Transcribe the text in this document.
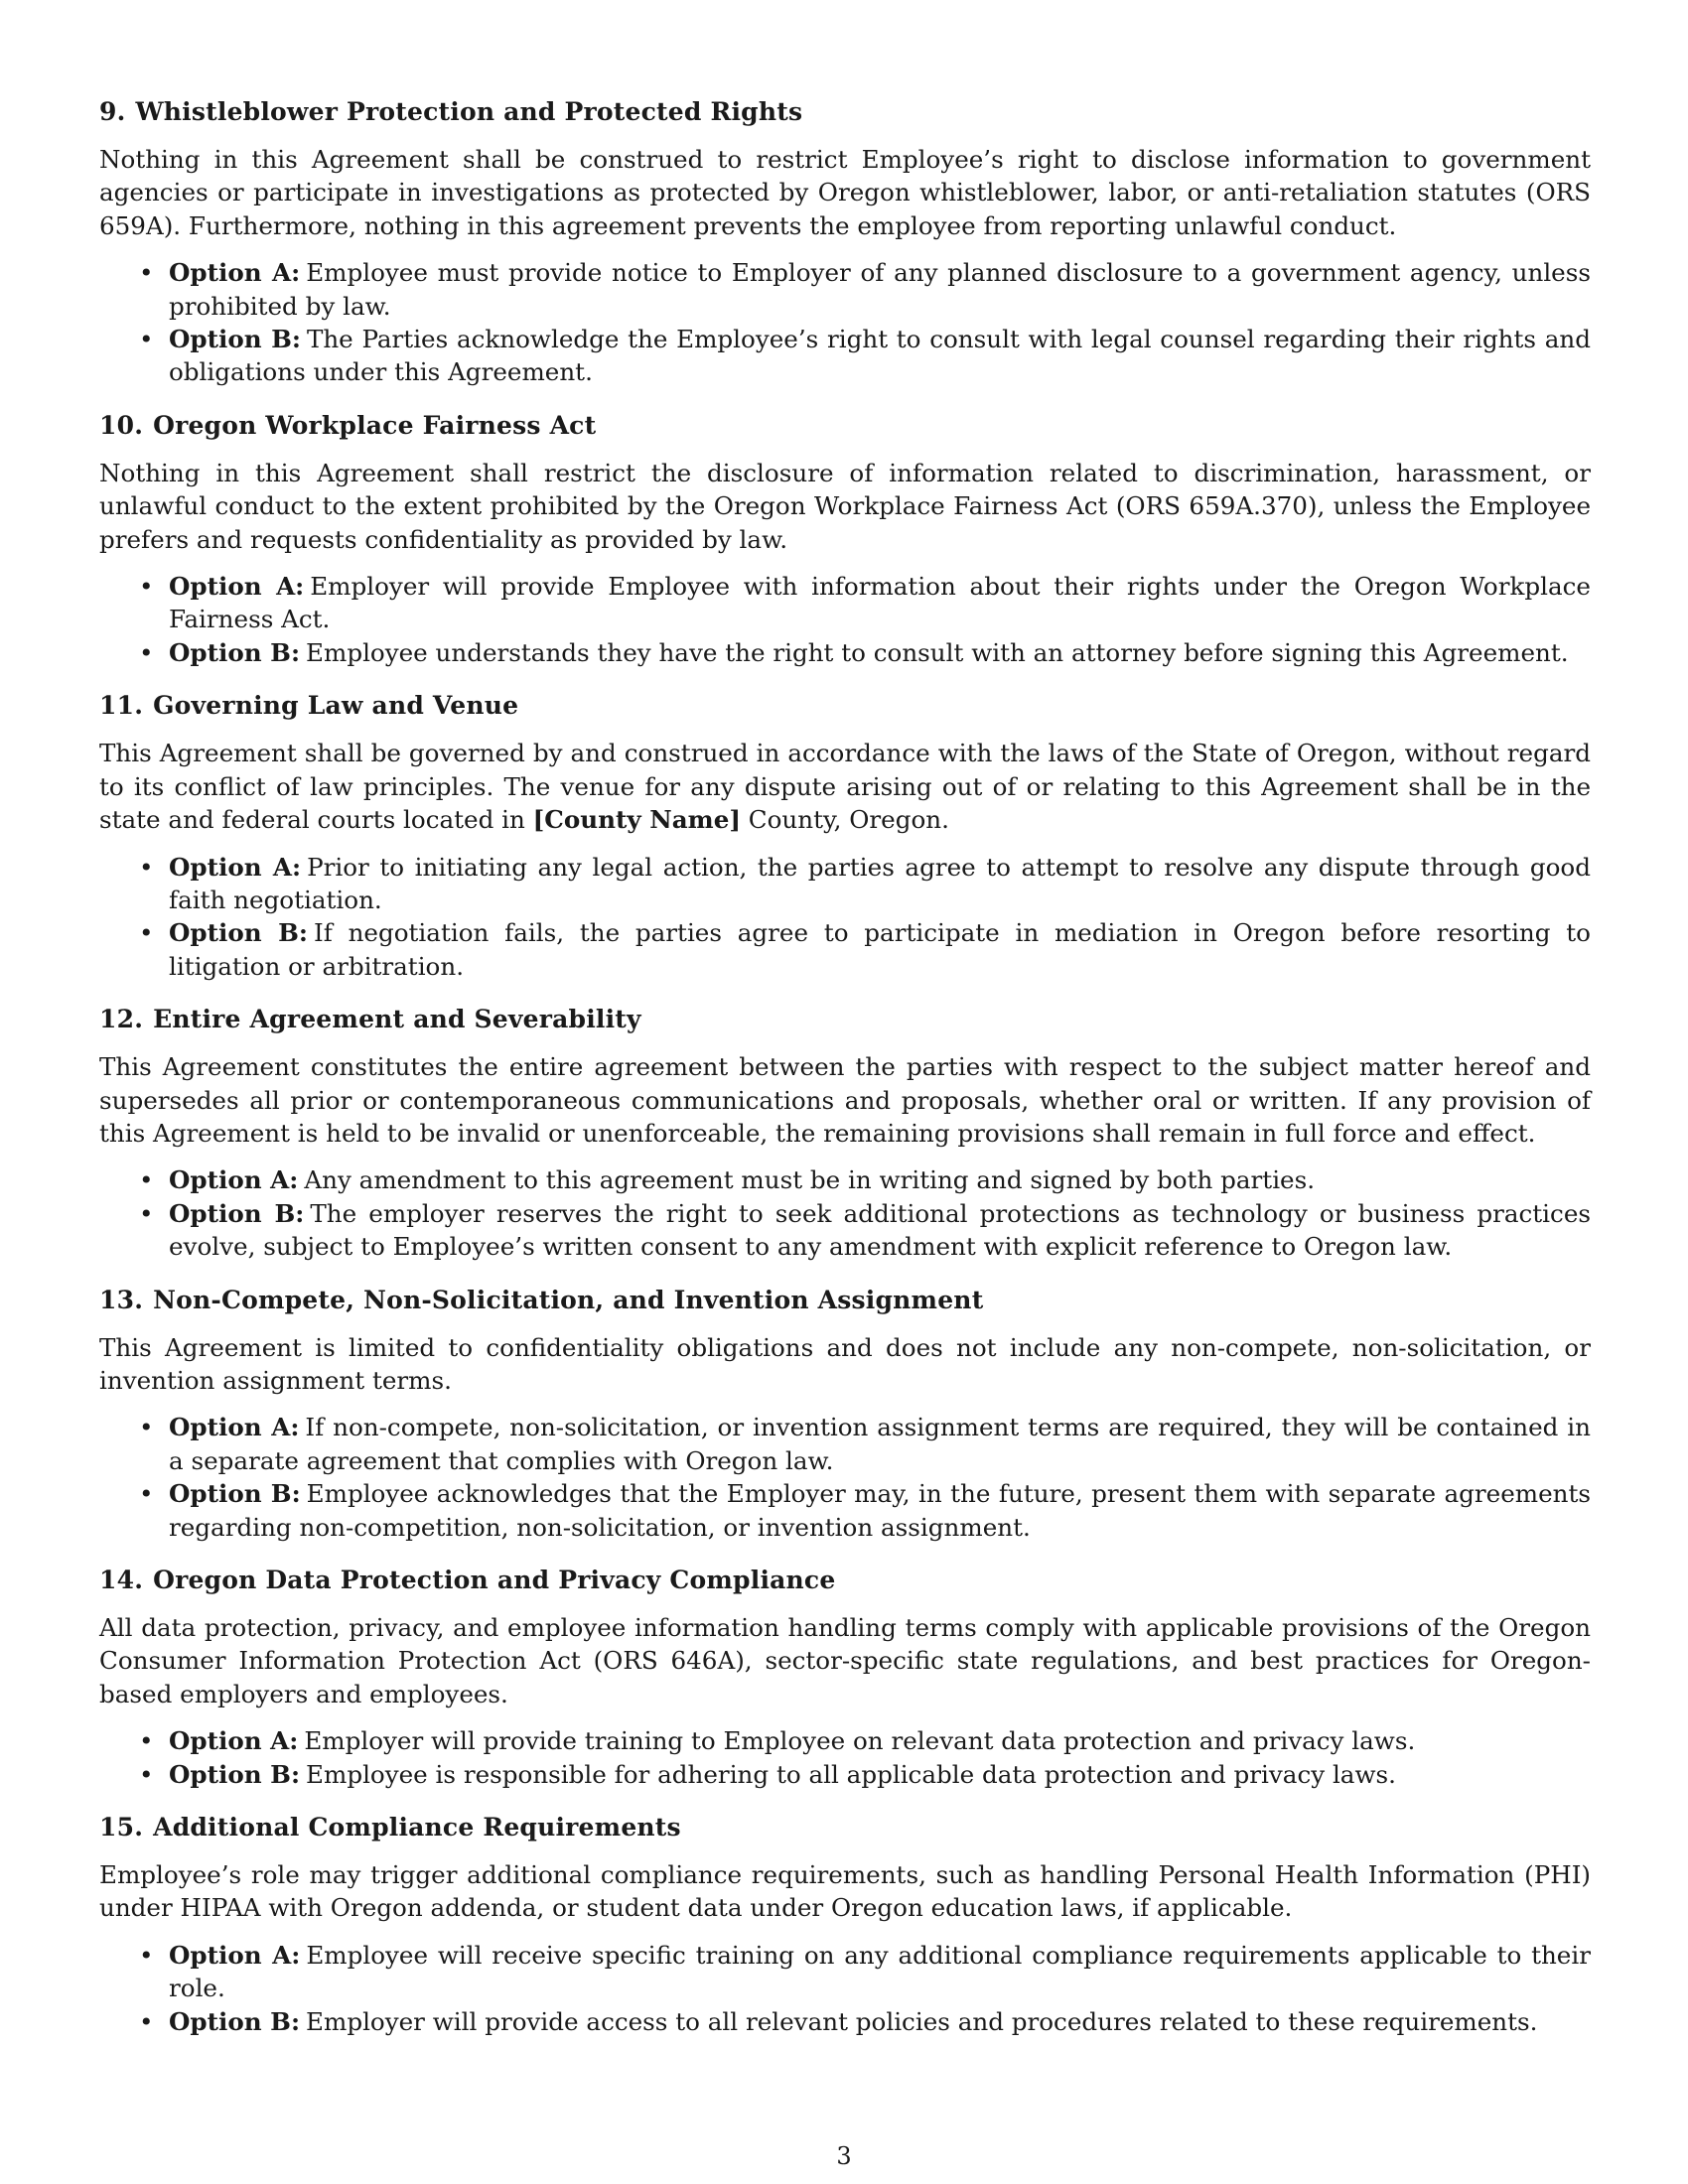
9. Whistleblower Protection and Protected Rights
Nothing in this Agreement shall be construed to restrict Employee’s right to disclose information to government agencies or participate in investigations as protected by Oregon whistleblower, labor, or anti-retaliation statutes (ORS 659A). Furthermore, nothing in this agreement prevents the employee from reporting unlawful conduct.
• Option A: Employee must provide notice to Employer of any planned disclosure to a government agency, unless prohibited by law.
• Option B: The Parties acknowledge the Employee’s right to consult with legal counsel regarding their rights and obligations under this Agreement.
10. Oregon Workplace Fairness Act
Nothing in this Agreement shall restrict the disclosure of information related to discrimination, harassment, or unlawful conduct to the extent prohibited by the Oregon Workplace Fairness Act (ORS 659A.370), unless the Employee prefers and requests confidentiality as provided by law.
• Option A: Employer will provide Employee with information about their rights under the Oregon Workplace Fairness Act.
• Option B: Employee understands they have the right to consult with an attorney before signing this Agreement.
11. Governing Law and Venue
This Agreement shall be governed by and construed in accordance with the laws of the State of Oregon, without regard to its conflict of law principles. The venue for any dispute arising out of or relating to this Agreement shall be in the state and federal courts located in [County Name] County, Oregon.
• Option A: Prior to initiating any legal action, the parties agree to attempt to resolve any dispute through good faith negotiation.
• Option B: If negotiation fails, the parties agree to participate in mediation in Oregon before resorting to litigation or arbitration.
12. Entire Agreement and Severability
This Agreement constitutes the entire agreement between the parties with respect to the subject matter hereof and supersedes all prior or contemporaneous communications and proposals, whether oral or written. If any provision of this Agreement is held to be invalid or unenforceable, the remaining provisions shall remain in full force and effect.
• Option A: Any amendment to this agreement must be in writing and signed by both parties.
• Option B: The employer reserves the right to seek additional protections as technology or business practices evolve, subject to Employee’s written consent to any amendment with explicit reference to Oregon law.
13. Non-Compete, Non-Solicitation, and Invention Assignment
This Agreement is limited to confidentiality obligations and does not include any non-compete, non-solicitation, or invention assignment terms.
• Option A: If non-compete, non-solicitation, or invention assignment terms are required, they will be contained in a separate agreement that complies with Oregon law.
• Option B: Employee acknowledges that the Employer may, in the future, present them with separate agreements regarding non-competition, non-solicitation, or invention assignment.
14. Oregon Data Protection and Privacy Compliance
All data protection, privacy, and employee information handling terms comply with applicable provisions of the Oregon Consumer Information Protection Act (ORS 646A), sector-specific state regulations, and best practices for Oregon-based employers and employees.
• Option A: Employer will provide training to Employee on relevant data protection and privacy laws.
• Option B: Employee is responsible for adhering to all applicable data protection and privacy laws.
15. Additional Compliance Requirements
Employee’s role may trigger additional compliance requirements, such as handling Personal Health Information (PHI) under HIPAA with Oregon addenda, or student data under Oregon education laws, if applicable.
• Option A: Employee will receive specific training on any additional compliance requirements applicable to their role.
• Option B: Employer will provide access to all relevant policies and procedures related to these requirements.
3
